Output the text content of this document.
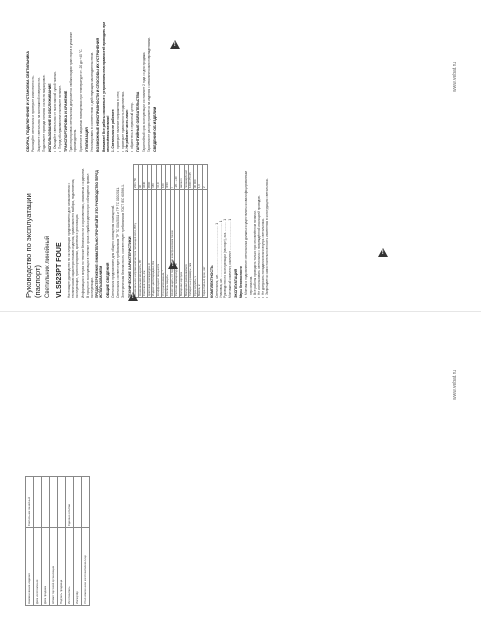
Руководство по эксплуатации (паспорт) Светильник линейный VLS523PT FOUE	Настоящее руководство по эксплуатации предназначено для ознакомления с техническими характеристиками изделия, правилами его выбора, подключения, эксплуатации, транспортировки, хранения и утилизации. Информация о мерах по технике безопасности и ограничениях, связанных с изделием. В процессе эксплуатации в течение срока службы изделия при соблюдении правил эксплуатации. ПРЕДОСТЕРЕЖЕНИЕ: ВНИМАТЕЛЬНО ПРОЧИТАЙТЕ ЭТО РУКОВОДСТВО ПЕРЕД ИСПОЛЬЗОВАНИЕМ ОБЩИЕ СВЕДЕНИЯ Светильник предназначен для общего освещения помещений. Светильник соответствует требованиям ТР ТС 004/2011 и ТР ТС 020/2011. Электрическая безопасность соответствует требованиям ГОСТ IEC 60598-1. ТЕХНИЧЕСКИЕ ХАРАКТЕРИСТИКИ Номинальное напряжение/частота питающей сети, В/Гц	230 / 50
Номинальная мощность, Вт	36
Световой поток, лм	3240
Цветовая температура, К	6500
Индекс цветопередачи, Ra	>80
Коэффициент мощности	>0,9
Угол рассеивания, °	120
Степень защиты	IP20
Класс защиты от поражения электрическим током	I
Рабочая температура, °C	-20…+40
Материал корпуса	металл
Материал рассеивателя	поликарбонат
Габаритные размеры, мм	1200×75×25
Срок службы, ч	30 000
Масса, кг	1,0
Гарантийный срок, лет	2
КОМПЛЕКТНОСТЬ Светильник, шт. ……………………………………… 1 Упаковка, шт. …………………………………………… 1 Руководство по эксплуатации (паспорт), экз. ……… 1 Монтажный комплект, комплект ……………………… 1 ЭКСПЛУАТАЦИЯ Меры безопасности • Монтаж и подключение светильника должны осуществляться квалифицированным персоналом. • Все работы проводить только при отключённом питании. • Не использовать светильник с повреждённой изоляцией проводов. • Не допускать попадания влаги внутрь светильника. • Запрещается самостоятельно вносить изменения в конструкцию светильника.
СБОРКА, ПОДКЛЮЧЕНИЕ И УСТАНОВКА СВЕТИЛЬНИКА Распакуйте светильник и проверьте комплектность. Закрепите светильник на монтажной поверхности. Подключите провода питания согласно маркировке. ИСПОЛЬЗОВАНИЕ И ОБСЛУЖИВАНИЕ • Очищайте светильник от пыли мягкой сухой тканью. • Перед обслуживанием отключите питание. ТРАНСПОРТИРОВКА И ХРАНЕНИЕ Транспортировка светильника допускается любым видом транспорта в упаковке производителя. Хранение в закрытых помещениях при температуре от -20 до +40 °C. УТИЛИЗАЦИЯ Утилизировать в соответствии с действующим законодательством. ВОЗМОЖНЫЕ НЕИСПРАВНОСТИ И СПОСОБЫ ИХ УСТРАНЕНИЯ Внимание! Все работы связанные с устранением неисправностей проводить при отключённом питании! 1. Светильник не работает: • проверьте наличие напряжения в сети; • проверьте правильность подключения. 2. Не работает часть ламп: • обратитесь в сервисный центр. ГАРАНТИЙНЫЕ ОБЯЗАТЕЛЬСТВА Гарантийный срок эксплуатации составляет 2 года со дня продажи. Гарантия не распространяется на изделия с механическими повреждениями. СВЕДЕНИЯ ОБ ИЗДЕЛИИ
!
!
!
!
www.vebat.ru
Наименование изделия	Светильник линейный
Дата изготовления	
Дата продажи	
Штамп торговой организации	
Подпись продавца	
Изготовитель	Сделано в Китае
Импортёр	
Уполномоченное изготовителем лицо	
www.vebat.ru
